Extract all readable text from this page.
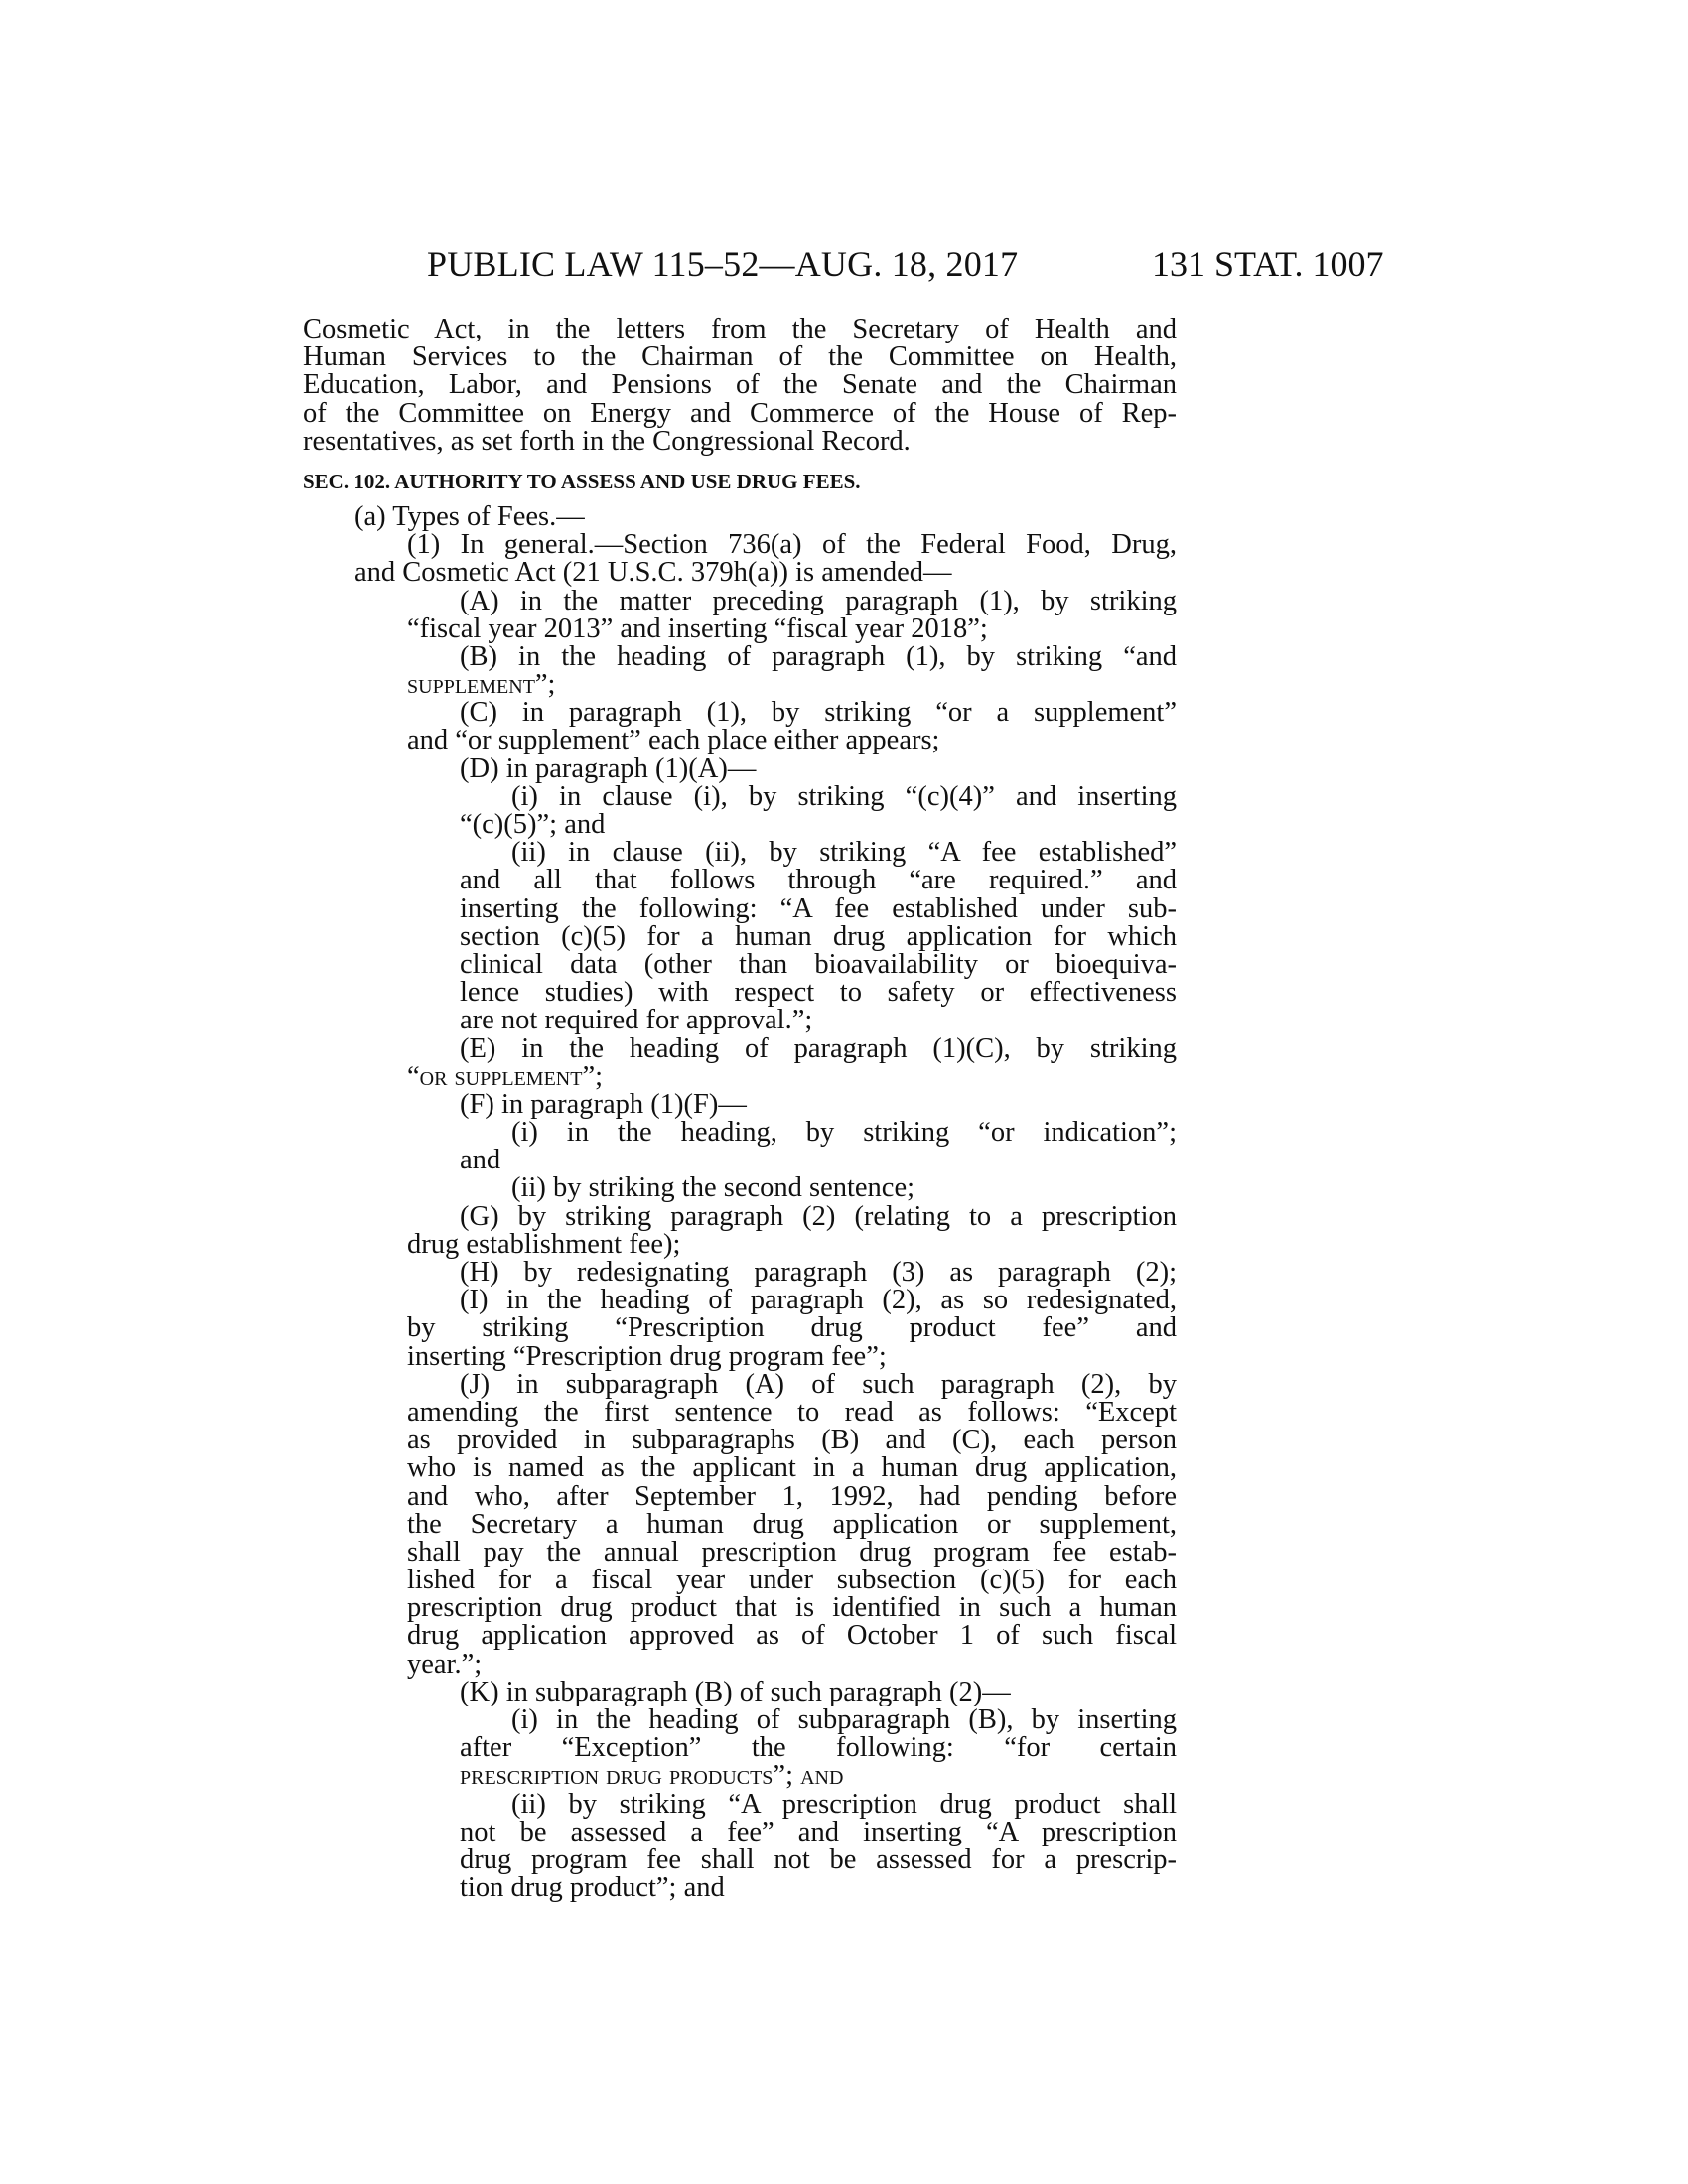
PUBLIC LAW 115–52—AUG. 18, 2017	131 STAT. 1007
Cosmetic Act, in the letters from the Secretary of Health and
Human Services to the Chairman of the Committee on Health,
Education, Labor, and Pensions of the Senate and the Chairman
of the Committee on Energy and Commerce of the House of Rep-
resentatives, as set forth in the Congressional Record.
SEC. 102. AUTHORITY TO ASSESS AND USE DRUG FEES.
(a) Types of Fees.—
(1) In general.—Section 736(a) of the Federal Food, Drug,
and Cosmetic Act (21 U.S.C. 379h(a)) is amended—
(A) in the matter preceding paragraph (1), by striking
“fiscal year 2013” and inserting “fiscal year 2018”;
(B) in the heading of paragraph (1), by striking “and
supplement”;
(C) in paragraph (1), by striking “or a supplement”
and “or supplement” each place either appears;
(D) in paragraph (1)(A)—
(i) in clause (i), by striking “(c)(4)” and inserting
“(c)(5)”; and
(ii) in clause (ii), by striking “A fee established”
and all that follows through “are required.” and
inserting the following: “A fee established under sub-
section (c)(5) for a human drug application for which
clinical data (other than bioavailability or bioequiva-
lence studies) with respect to safety or effectiveness
are not required for approval.”;
(E) in the heading of paragraph (1)(C), by striking
“or supplement”;
(F) in paragraph (1)(F)—
(i) in the heading, by striking “or indication”;
and
(ii) by striking the second sentence;
(G) by striking paragraph (2) (relating to a prescription
drug establishment fee);
(H) by redesignating paragraph (3) as paragraph (2);
(I) in the heading of paragraph (2), as so redesignated,
by striking “Prescription drug product fee” and
inserting “Prescription drug program fee”;
(J) in subparagraph (A) of such paragraph (2), by
amending the first sentence to read as follows: “Except
as provided in subparagraphs (B) and (C), each person
who is named as the applicant in a human drug application,
and who, after September 1, 1992, had pending before
the Secretary a human drug application or supplement,
shall pay the annual prescription drug program fee estab-
lished for a fiscal year under subsection (c)(5) for each
prescription drug product that is identified in such a human
drug application approved as of October 1 of such fiscal
year.”;
(K) in subparagraph (B) of such paragraph (2)—
(i) in the heading of subparagraph (B), by inserting
after “Exception” the following: “for certain
prescription drug products”; and
(ii) by striking “A prescription drug product shall
not be assessed a fee” and inserting “A prescription
drug program fee shall not be assessed for a prescrip-
tion drug product”; and
